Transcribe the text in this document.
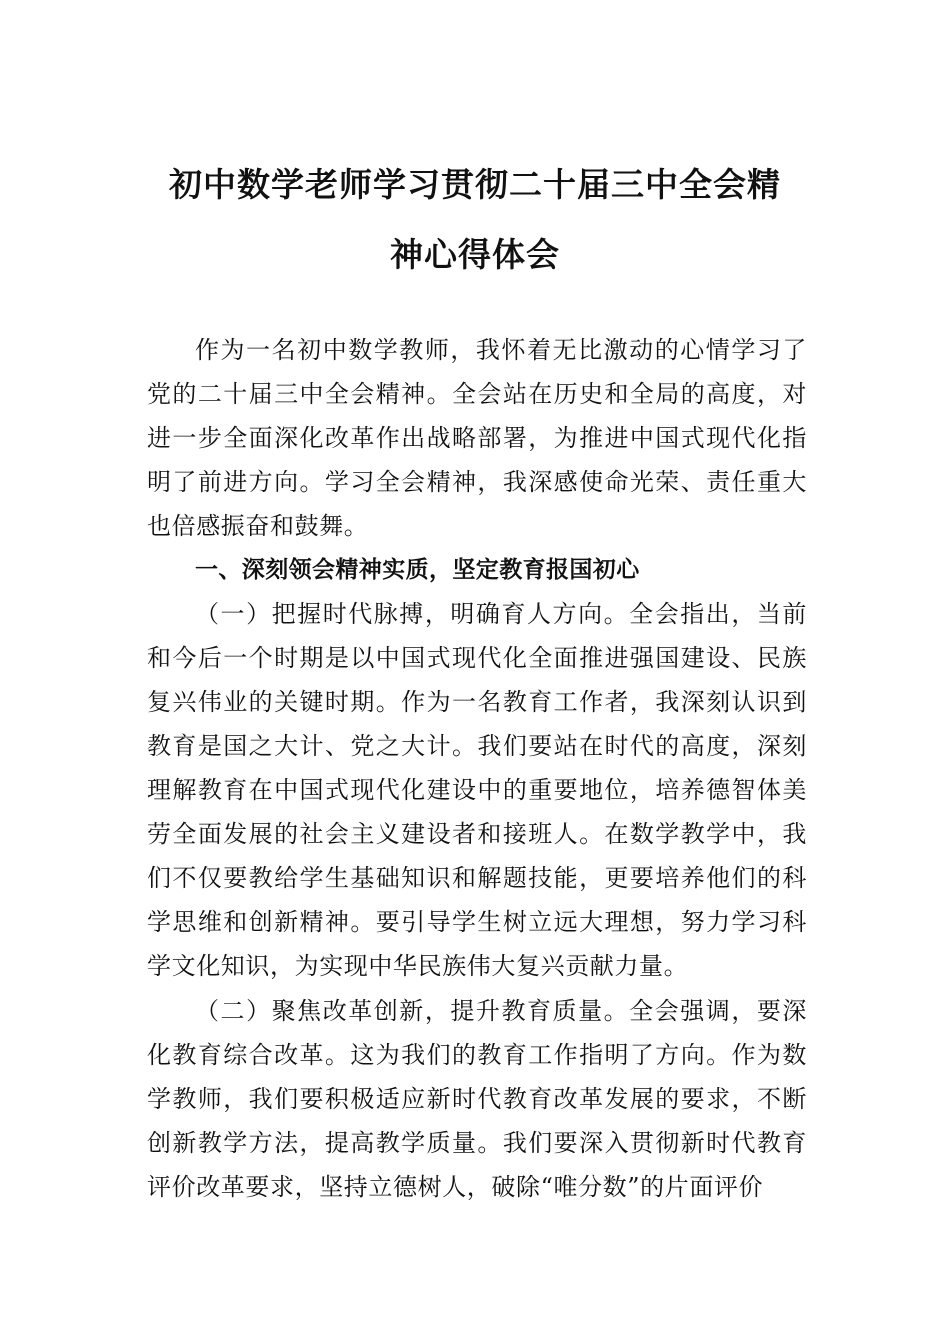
初中数学老师学习贯彻二十届三中全会精
神心得体会

作为一名初中数学教师，我怀着无比激动的心情学习了党的二十届三中全会精神。全会站在历史和全局的高度，对进一步全面深化改革作出战略部署，为推进中国式现代化指明了前进方向。学习全会精神，我深感使命光荣、责任重大也倍感振奋和鼓舞。

一、深刻领会精神实质，坚定教育报国初心

（一）把握时代脉搏，明确育人方向。全会指出，当前和今后一个时期是以中国式现代化全面推进强国建设、民族复兴伟业的关键时期。作为一名教育工作者，我深刻认识到教育是国之大计、党之大计。我们要站在时代的高度，深刻理解教育在中国式现代化建设中的重要地位，培养德智体美劳全面发展的社会主义建设者和接班人。在数学教学中，我们不仅要教给学生基础知识和解题技能，更要培养他们的科学思维和创新精神。要引导学生树立远大理想，努力学习科学文化知识，为实现中华民族伟大复兴贡献力量。

（二）聚焦改革创新，提升教育质量。全会强调，要深化教育综合改革。这为我们的教育工作指明了方向。作为数学教师，我们要积极适应新时代教育改革发展的要求，不断创新教学方法，提高教学质量。我们要深入贯彻新时代教育评价改革要求，坚持立德树人，破除“唯分数”的片面评价
